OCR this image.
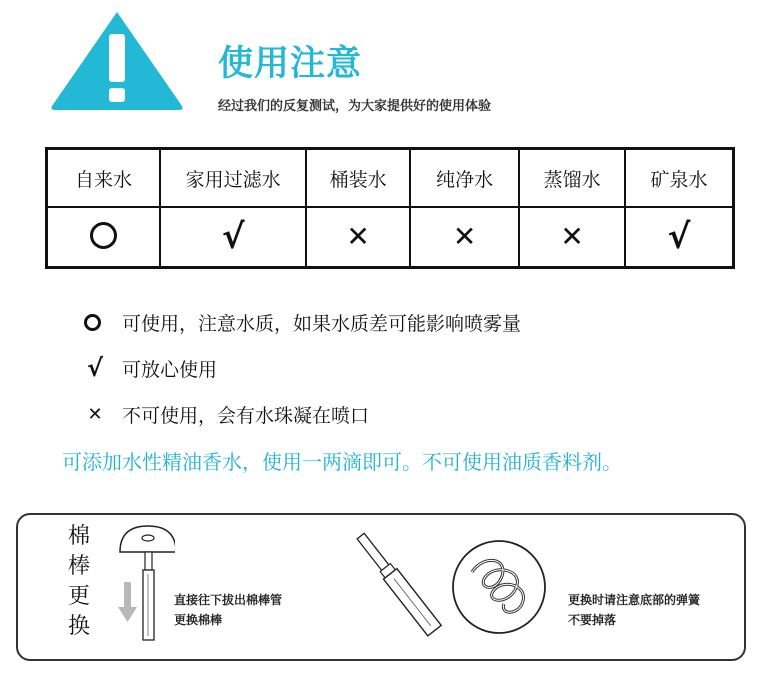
使用注意
经过我们的反复测试，为大家提供好的使用体验
自来水	家用过滤水	桶装水	纯净水	蒸馏水	矿泉水
	√	✕	✕	✕	√
可使用，注意水质，如果水质差可能影响喷雾量
√ 可放心使用
✕ 不可使用，会有水珠凝在喷口
可添加水性精油香水，使用一两滴即可。不可使用油质香料剂。
棉
棒
更
换
直接往下拔出棉棒管
更换棉棒
更换时请注意底部的弹簧
不要掉落
